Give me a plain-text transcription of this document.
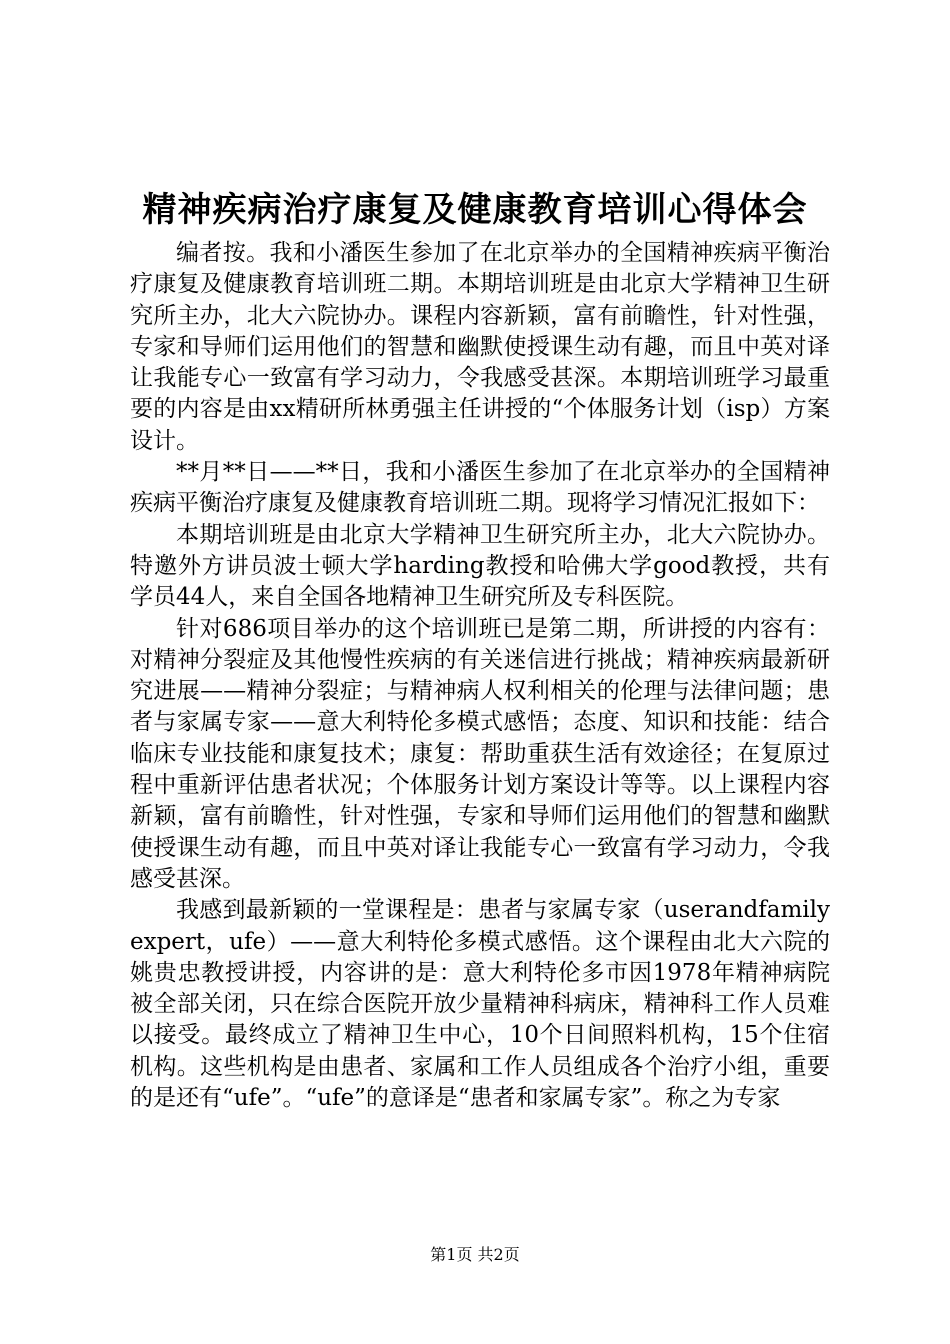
精神疾病治疗康复及健康教育培训心得体会

编者按。我和小潘医生参加了在北京举办的全国精神疾病平衡治疗康复及健康教育培训班二期。本期培训班是由北京大学精神卫生研究所主办，北大六院协办。课程内容新颖，富有前瞻性，针对性强，专家和导师们运用他们的智慧和幽默使授课生动有趣，而且中英对译让我能专心一致富有学习动力，令我感受甚深。本期培训班学习最重要的内容是由xx精研所林勇强主任讲授的“个体服务计划（isp）方案设计。

**月**日——**日，我和小潘医生参加了在北京举办的全国精神疾病平衡治疗康复及健康教育培训班二期。现将学习情况汇报如下：

本期培训班是由北京大学精神卫生研究所主办，北大六院协办。特邀外方讲员波士顿大学harding教授和哈佛大学good教授，共有学员44人，来自全国各地精神卫生研究所及专科医院。

针对686项目举办的这个培训班已是第二期，所讲授的内容有：对精神分裂症及其他慢性疾病的有关迷信进行挑战；精神疾病最新研究进展——精神分裂症；与精神病人权利相关的伦理与法律问题；患者与家属专家——意大利特伦多模式感悟；态度、知识和技能：结合临床专业技能和康复技术；康复：帮助重获生活有效途径；在复原过程中重新评估患者状况；个体服务计划方案设计等等。以上课程内容新颖，富有前瞻性，针对性强，专家和导师们运用他们的智慧和幽默使授课生动有趣，而且中英对译让我能专心一致富有学习动力，令我感受甚深。

我感到最新颖的一堂课程是：患者与家属专家（userandfamilyexpert，ufe）——意大利特伦多模式感悟。这个课程由北大六院的姚贵忠教授讲授，内容讲的是：意大利特伦多市因1978年精神病院被全部关闭，只在综合医院开放少量精神科病床，精神科工作人员难以接受。最终成立了精神卫生中心，10个日间照料机构，15个住宿机构。这些机构是由患者、家属和工作人员组成各个治疗小组，重要的是还有“ufe”。“ufe”的意译是“患者和家属专家”。称之为专家

第1页 共2页
